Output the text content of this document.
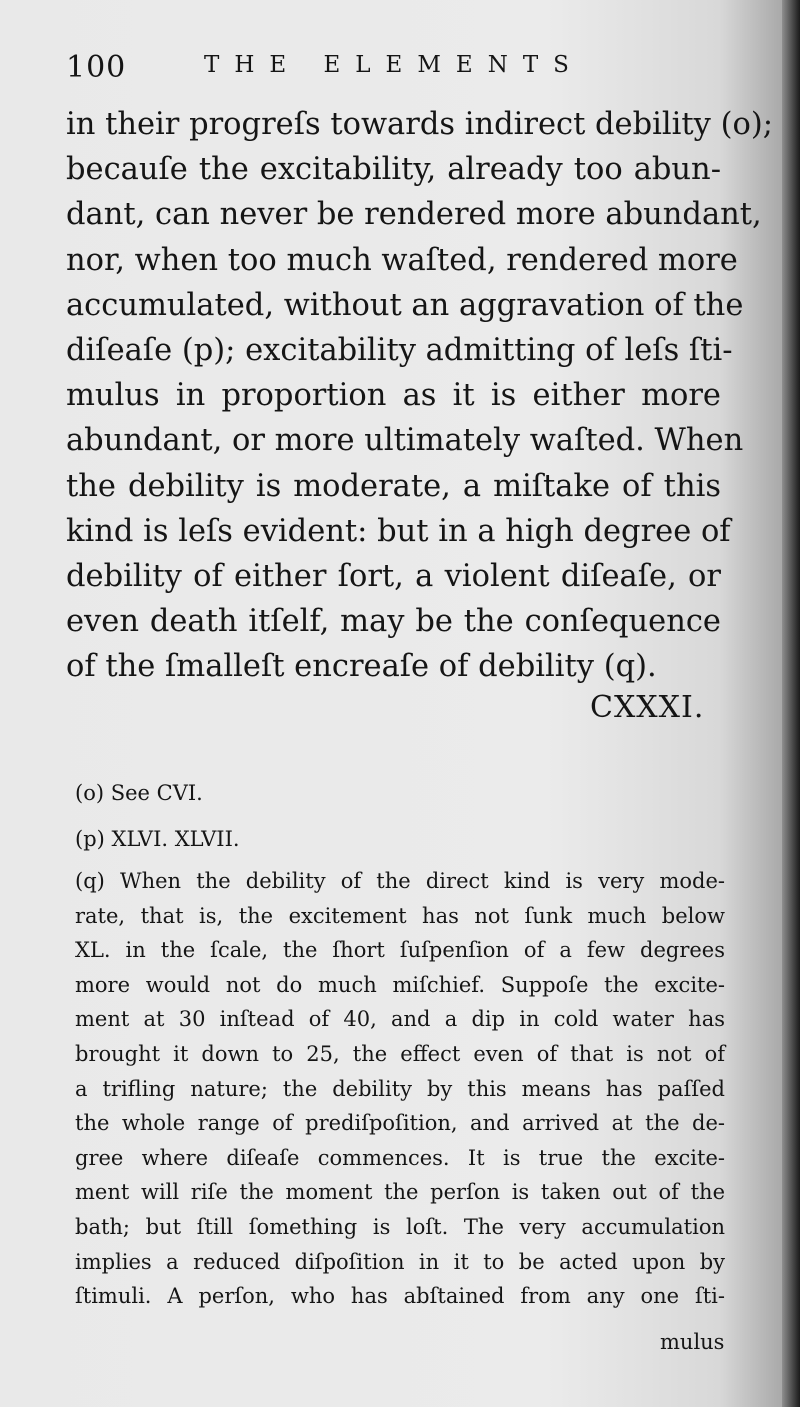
100	THE ELEMENTS
in their progreſs towards indirect debility (o);
becauſe the excitability, already too abun-
dant, can never be rendered more abundant,
nor, when too much waſted, rendered more
accumulated, without an aggravation of the
diſeaſe (p); excitability admitting of leſs ſti-
mulus in proportion as it is either more
abundant, or more ultimately waſted. When
the debility is moderate, a miſtake of this
kind is leſs evident: but in a high degree of
debility of either ſort, a violent diſeaſe, or
even death itſelf, may be the conſequence
of the ſmalleſt encreaſe of debility (q).
CXXXI.
(o) See CVI.
(p) XLVI. XLVII.
(q) When the debility of the direct kind is very mode-
rate, that is, the excitement has not ſunk much below
XL. in the ſcale, the ſhort ſuſpenſion of a few degrees
more would not do much miſchief. Suppoſe the excite-
ment at 30 inſtead of 40, and a dip in cold water has
brought it down to 25, the effect even of that is not of
a trifling nature; the debility by this means has paſſed
the whole range of prediſpoſition, and arrived at the de-
gree where diſeaſe commences. It is true the excite-
ment will riſe the moment the perſon is taken out of the
bath; but ſtill ſomething is loſt. The very accumulation
implies a reduced diſpoſition in it to be acted upon by
ſtimuli. A perſon, who has abſtained from any one ſti-
mulus
